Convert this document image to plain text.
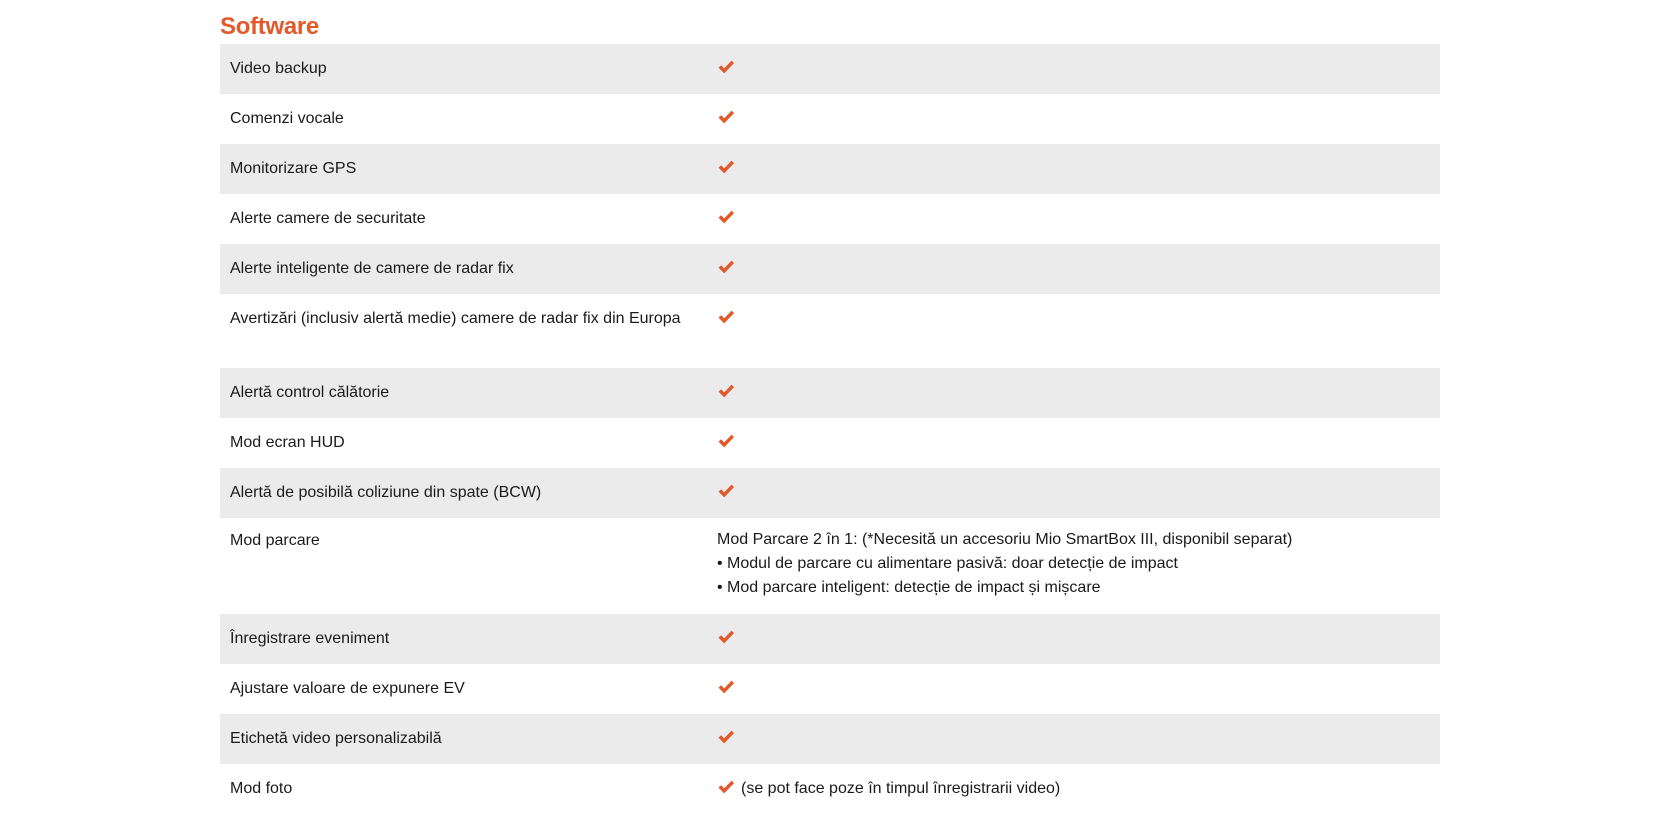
Software
Video backup	

Comenzi vocale	

Monitorizare GPS	

Alerte camere de securitate	

Alerte inteligente de camere de radar fix	

Avertizări (inclusiv alertă medie) camere de radar fix din Europa	

Alertă control călătorie	

Mod ecran HUD	

Alertă de posibilă coliziune din spate (BCW)	

Mod parcare	Mod Parcare 2 în 1: (*Necesită un accesoriu Mio SmartBox III, disponibil separat)
• Modul de parcare cu alimentare pasivă: doar detecție de impact
• Mod parcare inteligent: detecție de impact și mișcare

Înregistrare eveniment	

Ajustare valoare de expunere EV	

Etichetă video personalizabilă	

Mod foto	(se pot face poze în timpul înregistrarii video)
